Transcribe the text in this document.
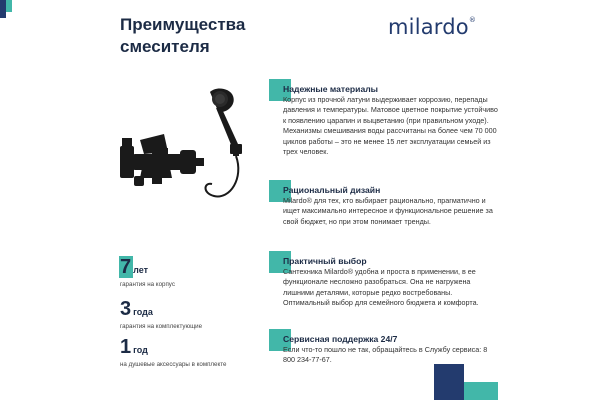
Преимущества
смесителя
milardo®
7 лет
гарантия на корпус
3 года
гарантия на комплектующие
1 год
на душевые аксессуары в комплекте
Надежные материалы
Корпус из прочной латуни выдерживает коррозию, перепады давления и температуры. Матовое цветное покрытие устойчиво к появлению царапин и выцветанию (при правильном уходе). Механизмы смешивания воды рассчитаны на более чем 70 000 циклов работы – это не менее 15 лет эксплуатации семьей из трех человек.
Рациональный дизайн
Milardo® для тех, кто выбирает рационально, прагматично и ищет максимально интересное и функциональное решение за свой бюджет, но при этом понимает тренды.
Практичный выбор
Сантехника Milardo® удобна и проста в применении, в ее функционале несложно разобраться. Она не нагружена лишними деталями, которые редко востребованы. Оптимальный выбор для семейного бюджета и комфорта.
Сервисная поддержка 24/7
Если что-то пошло не так, обращайтесь в Службу сервиса: 8 800 234-77-67.
